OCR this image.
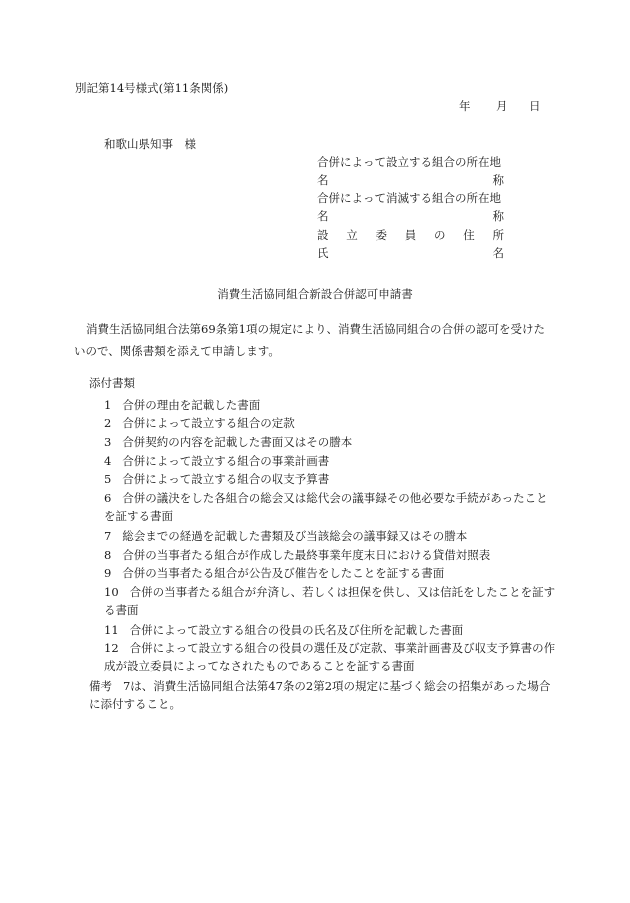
別記第14号様式(第11条関係)
年 月 日
和歌山県知事　様
合併によって設立する組合の所在地
名	称
合併によって消滅する組合の所在地
名	称
設 立 委 員 の 住 所
氏	名
消費生活協同組合新設合併認可申請書
消費生活協同組合法第69条第1項の規定により、消費生活協同組合の合併の認可を受けたいので、関係書類を添えて申請します。
添付書類
1 合併の理由を記載した書面
2 合併によって設立する組合の定款
3 合併契約の内容を記載した書面又はその謄本
4 合併によって設立する組合の事業計画書
5 合併によって設立する組合の収支予算書
6 合併の議決をした各組合の総会又は総代会の議事録その他必要な手続があったことを証する書面
7 総会までの経過を記載した書類及び当該総会の議事録又はその謄本
8 合併の当事者たる組合が作成した最終事業年度末日における貸借対照表
9 合併の当事者たる組合が公告及び催告をしたことを証する書面
10 合併の当事者たる組合が弁済し、若しくは担保を供し、又は信託をしたことを証する書面
11 合併によって設立する組合の役員の氏名及び住所を記載した書面
12 合併によって設立する組合の役員の選任及び定款、事業計画書及び収支予算書の作成が設立委員によってなされたものであることを証する書面
備考 7は、消費生活協同組合法第47条の2第2項の規定に基づく総会の招集があった場合に添付すること。
